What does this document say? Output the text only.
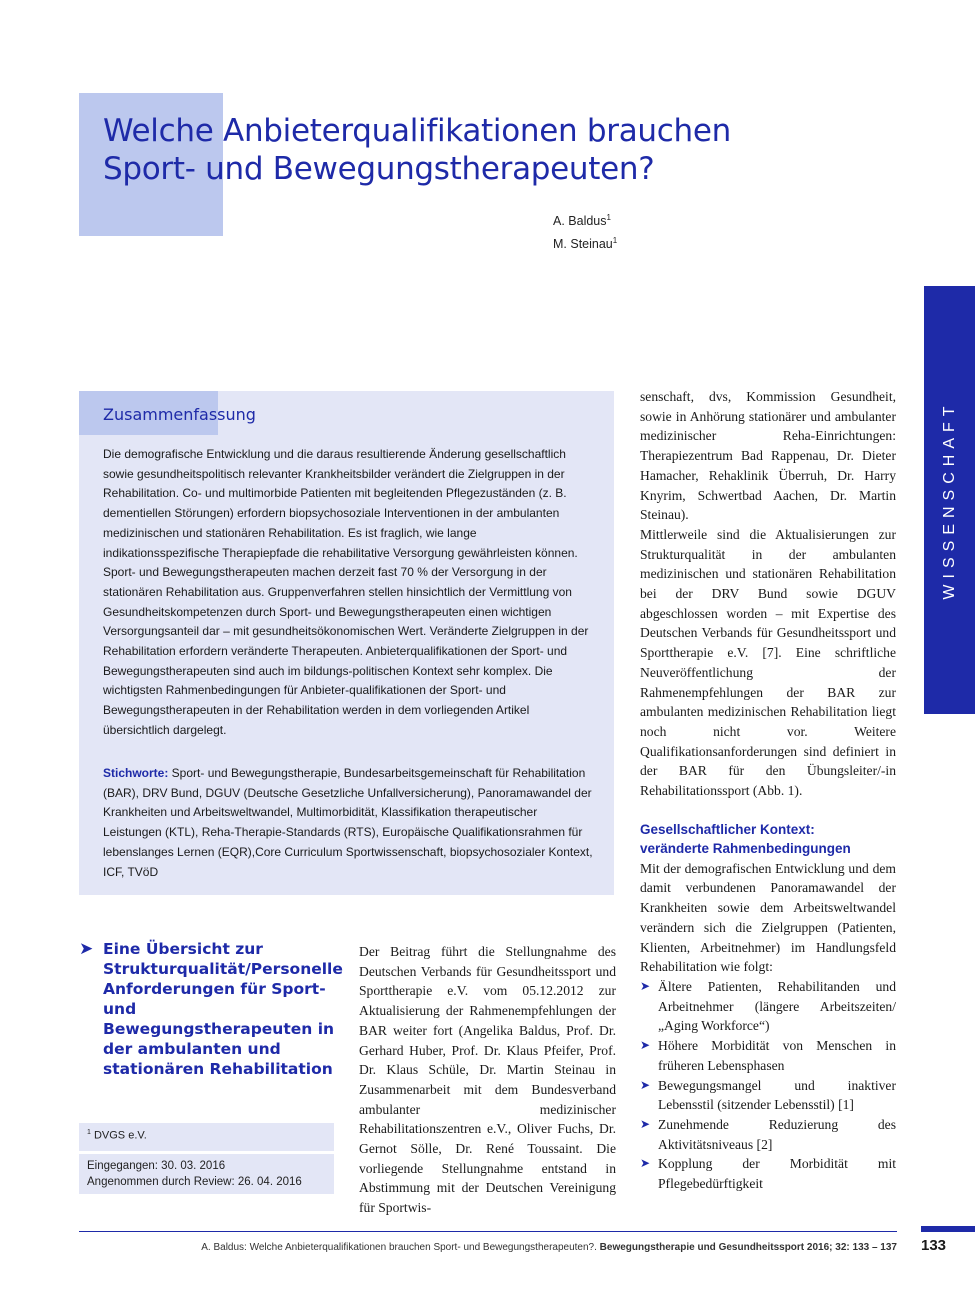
Welche Anbieterqualifikationen brauchen
Sport- und Bewegungstherapeuten?
A. Baldus$^1$
M. Steinau$^1$
WISSENSCHAFT
Zusammenfassung
Die demografische Entwicklung und die daraus resultierende Änderung gesellschaftlich sowie gesundheitspolitisch relevanter Krankheitsbilder verändert die Zielgruppen in der Rehabilitation. Co- und multimorbide Patienten mit begleitenden Pflegezuständen (z. B. dementiellen Störungen) erfordern biopsychosoziale Interventionen in der ambulanten medizinischen und stationären Rehabilitation. Es ist fraglich, wie lange indikationsspezifische Therapiepfade die rehabilitative Versorgung gewährleisten können. Sport- und Bewegungstherapeuten machen derzeit fast 70 % der Versorgung in der stationären Rehabilitation aus. Gruppenverfahren stellen hinsichtlich der Vermittlung von Gesundheitskompetenzen durch Sport- und Bewegungstherapeuten einen wichtigen Versorgungsanteil dar – mit gesundheitsökonomischen Wert. Veränderte Zielgruppen in der Rehabilitation erfordern veränderte Therapeuten. Anbieterqualifikationen der Sport- und Bewegungstherapeuten sind auch im bildungs-politischen Kontext sehr komplex. Die wichtigsten Rahmenbedingungen für Anbieter-qualifikationen der Sport- und Bewegungstherapeuten in der Rehabilitation werden in dem vorliegenden Artikel übersichtlich dargelegt.
Stichworte: Sport- und Bewegungstherapie, Bundesarbeitsgemeinschaft für Rehabilitation (BAR), DRV Bund, DGUV (Deutsche Gesetzliche Unfallversicherung), Panoramawandel der Krankheiten und Arbeitsweltwandel, Multimorbidität, Klassifikation therapeutischer Leistungen (KTL), Reha-Therapie-Standards (RTS), Europäische Qualifikationsrahmen für lebenslanges Lernen (EQR),Core Curriculum Sportwissenschaft, biopsychosozialer Kontext, ICF, TVöD
➤ Eine Übersicht zur Strukturqualität/Personelle Anforderungen für Sport- und Bewegungstherapeuten in der ambulanten und stationären Rehabilitation
$^1$ DVGS e.V.
Eingegangen: 30. 03. 2016
Angenommen durch Review: 26. 04. 2016
Der Beitrag führt die Stellungnahme des Deutschen Verbands für Gesundheitssport und Sporttherapie e.V. vom 05.12.2012 zur Aktualisierung der Rahmenempfehlungen der BAR weiter fort (Angelika Baldus, Prof. Dr. Gerhard Huber, Prof. Dr. Klaus Pfeifer, Prof. Dr. Klaus Schüle, Dr. Martin Steinau in Zusammenarbeit mit dem Bundesverband ambulanter medizinischer Rehabilitationszentren e.V., Oliver Fuchs, Dr. Gernot Sölle, Dr. René Toussaint. Die vorliegende Stellungnahme entstand in Abstimmung mit der Deutschen Vereinigung für Sportwis-

senschaft, dvs, Kommission Gesundheit, sowie in Anhörung stationärer und ambulanter medizinischer Reha-Einrichtungen: Therapiezentrum Bad Rappenau, Dr. Dieter Hamacher, Rehaklinik Überruh, Dr. Harry Knyrim, Schwertbad Aachen, Dr. Martin Steinau).

Mittlerweile sind die Aktualisierungen zur Strukturqualität in der ambulanten medizinischen und stationären Rehabilitation bei der DRV Bund sowie DGUV abgeschlossen worden – mit Expertise des Deutschen Verbands für Gesundheitssport und Sporttherapie e.V. [7]. Eine schriftliche Neuveröffentlichung der Rahmenempfehlungen der BAR zur ambulanten medizinischen Rehabilitation liegt noch nicht vor. Weitere Qualifikationsanforderungen sind definiert in der BAR für den Übungsleiter/-in Rehabilitationssport (Abb. 1).

Gesellschaftlicher Kontext:
veränderte Rahmenbedingungen

Mit der demografischen Entwicklung und dem damit verbundenen Panoramawandel der Krankheiten sowie dem Arbeitsweltwandel verändern sich die Zielgruppen (Patienten, Klienten, Arbeitnehmer) im Handlungsfeld Rehabilitation wie folgt:

➤ Ältere Patienten, Rehabilitanden und Arbeitnehmer (längere Arbeitszeiten/ „Aging Workforce“)
➤ Höhere Morbidität von Menschen in früheren Lebensphasen
➤ Bewegungsmangel und inaktiver Lebensstil (sitzender Lebensstil) [1]
➤ Zunehmende Reduzierung des Aktivitätsniveaus [2]
➤ Kopplung der Morbidität mit Pflegebedürftigkeit
A. Baldus: Welche Anbieterqualifikationen brauchen Sport- und Bewegungstherapeuten?. Bewegungstherapie und Gesundheitssport 2016; 32: 133 – 137 133
